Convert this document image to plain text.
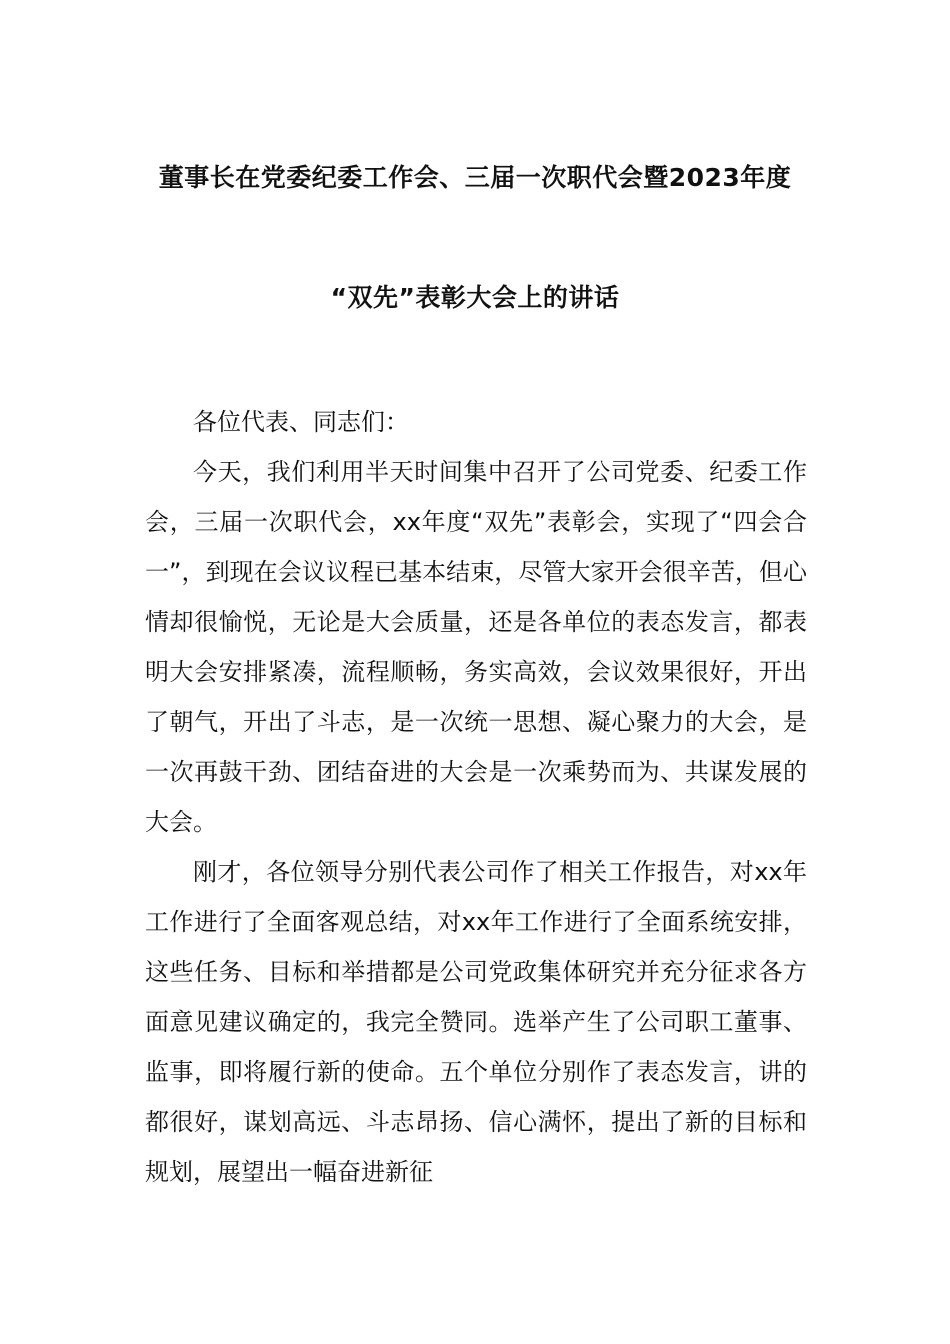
董事长在党委纪委工作会、三届一次职代会暨2023年度
“双先”表彰大会上的讲话

各位代表、同志们：

今天，我们利用半天时间集中召开了公司党委、纪委工作会，三届一次职代会，xx年度“双先”表彰会，实现了“四会合一”，到现在会议议程已基本结束，尽管大家开会很辛苦，但心情却很愉悦，无论是大会质量，还是各单位的表态发言，都表明大会安排紧凑，流程顺畅，务实高效，会议效果很好，开出了朝气，开出了斗志，是一次统一思想、凝心聚力的大会，是一次再鼓干劲、团结奋进的大会是一次乘势而为、共谋发展的大会。

刚才，各位领导分别代表公司作了相关工作报告，对xx年工作进行了全面客观总结，对xx年工作进行了全面系统安排，这些任务、目标和举措都是公司党政集体研究并充分征求各方面意见建议确定的，我完全赞同。选举产生了公司职工董事、监事，即将履行新的使命。五个单位分别作了表态发言，讲的都很好，谋划高远、斗志昂扬、信心满怀，提出了新的目标和规划，展望出一幅奋进新征
